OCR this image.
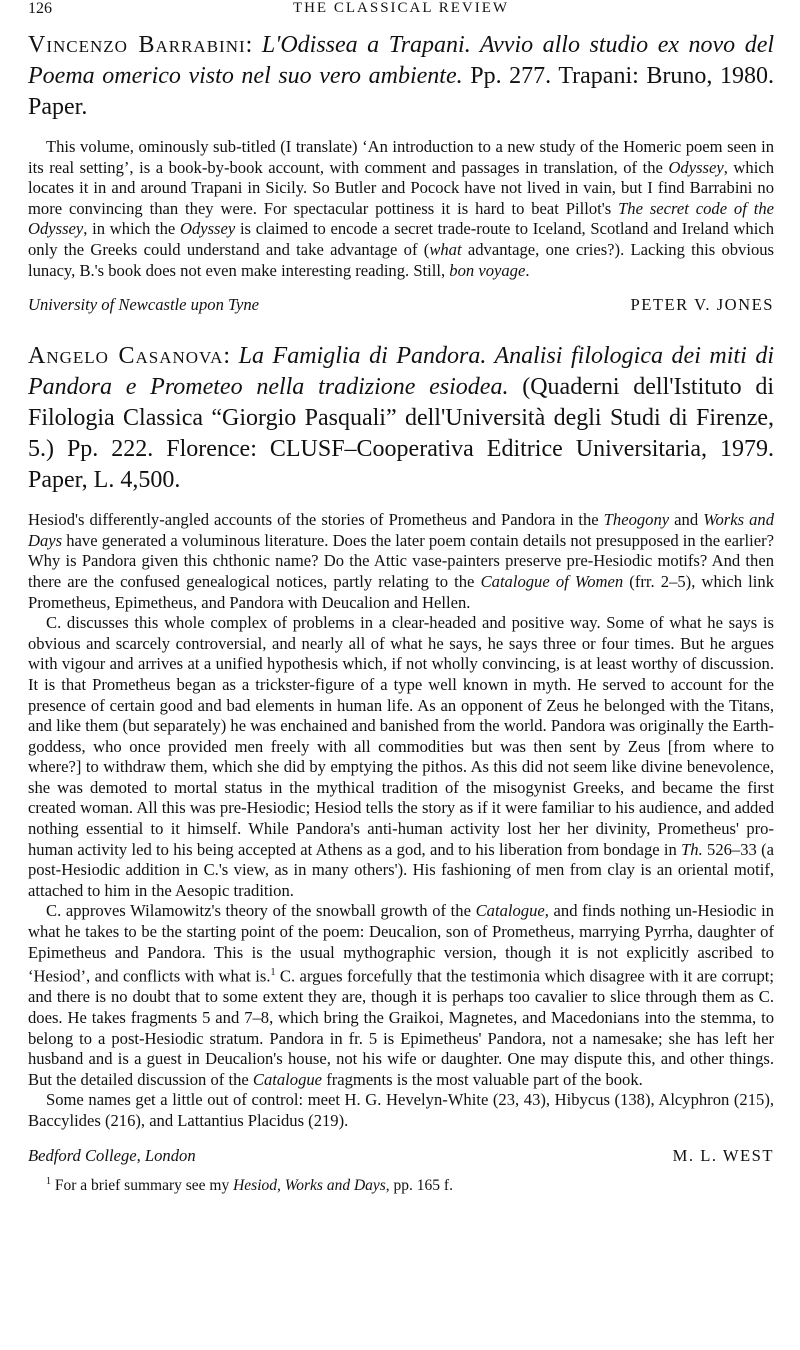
126	THE CLASSICAL REVIEW
Vincenzo Barrabini: L'Odissea a Trapani. Avvio allo studio ex novo del Poema omerico visto nel suo vero ambiente. Pp. 277. Trapani: Bruno, 1980. Paper.

This volume, ominously sub-titled (I translate) ‘An introduction to a new study of the Homeric poem seen in its real setting’, is a book-by-book account, with comment and passages in translation, of the Odyssey, which locates it in and around Trapani in Sicily. So Butler and Pocock have not lived in vain, but I find Barrabini no more convincing than they were. For spectacular pottiness it is hard to beat Pillot's The secret code of the Odyssey, in which the Odyssey is claimed to encode a secret trade-route to Iceland, Scotland and Ireland which only the Greeks could understand and take advantage of (what advantage, one cries?). Lacking this obvious lunacy, B.'s book does not even make interesting reading. Still, bon voyage.

University of Newcastle upon Tyne	PETER V. JONES
Angelo Casanova: La Famiglia di Pandora. Analisi filologica dei miti di Pandora e Prometeo nella tradizione esiodea. (Quaderni dell'Istituto di Filologia Classica “Giorgio Pasquali” dell'Università degli Studi di Firenze, 5.) Pp. 222. Florence: CLUSF–Cooperativa Editrice Universitaria, 1979. Paper, L. 4,500.

Hesiod's differently-angled accounts of the stories of Prometheus and Pandora in the Theogony and Works and Days have generated a voluminous literature. Does the later poem contain details not presupposed in the earlier? Why is Pandora given this chthonic name? Do the Attic vase-painters preserve pre-Hesiodic motifs? And then there are the confused genealogical notices, partly relating to the Catalogue of Women (frr. 2–5), which link Prometheus, Epimetheus, and Pandora with Deucalion and Hellen.

C. discusses this whole complex of problems in a clear-headed and positive way. Some of what he says is obvious and scarcely controversial, and nearly all of what he says, he says three or four times. But he argues with vigour and arrives at a unified hypothesis which, if not wholly convincing, is at least worthy of discussion. It is that Prometheus began as a trickster-figure of a type well known in myth. He served to account for the presence of certain good and bad elements in human life. As an opponent of Zeus he belonged with the Titans, and like them (but separately) he was enchained and banished from the world. Pandora was originally the Earth-goddess, who once provided men freely with all commodities but was then sent by Zeus [from where to where?] to withdraw them, which she did by emptying the pithos. As this did not seem like divine benevolence, she was demoted to mortal status in the mythical tradition of the misogynist Greeks, and became the first created woman. All this was pre-Hesiodic; Hesiod tells the story as if it were familiar to his audience, and added nothing essential to it himself. While Pandora's anti-human activity lost her her divinity, Prometheus' pro-human activity led to his being accepted at Athens as a god, and to his liberation from bondage in Th. 526–33 (a post-Hesiodic addition in C.'s view, as in many others'). His fashioning of men from clay is an oriental motif, attached to him in the Aesopic tradition.

C. approves Wilamowitz's theory of the snowball growth of the Catalogue, and finds nothing un-Hesiodic in what he takes to be the starting point of the poem: Deucalion, son of Prometheus, marrying Pyrrha, daughter of Epimetheus and Pandora. This is the usual mythographic version, though it is not explicitly ascribed to ‘Hesiod’, and conflicts with what is.$^1$ C. argues forcefully that the testimonia which disagree with it are corrupt; and there is no doubt that to some extent they are, though it is perhaps too cavalier to slice through them as C. does. He takes fragments 5 and 7–8, which bring the Graikoi, Magnetes, and Macedonians into the stemma, to belong to a post-Hesiodic stratum. Pandora in fr. 5 is Epimetheus' Pandora, not a namesake; she has left her husband and is a guest in Deucalion's house, not his wife or daughter. One may dispute this, and other things. But the detailed discussion of the Catalogue fragments is the most valuable part of the book.

Some names get a little out of control: meet H. G. Hevelyn-White (23, 43), Hibycus (138), Alcyphron (215), Baccylides (216), and Lattantius Placidus (219).

Bedford College, London	M. L. WEST
$^1$ For a brief summary see my Hesiod, Works and Days, pp. 165 f.
